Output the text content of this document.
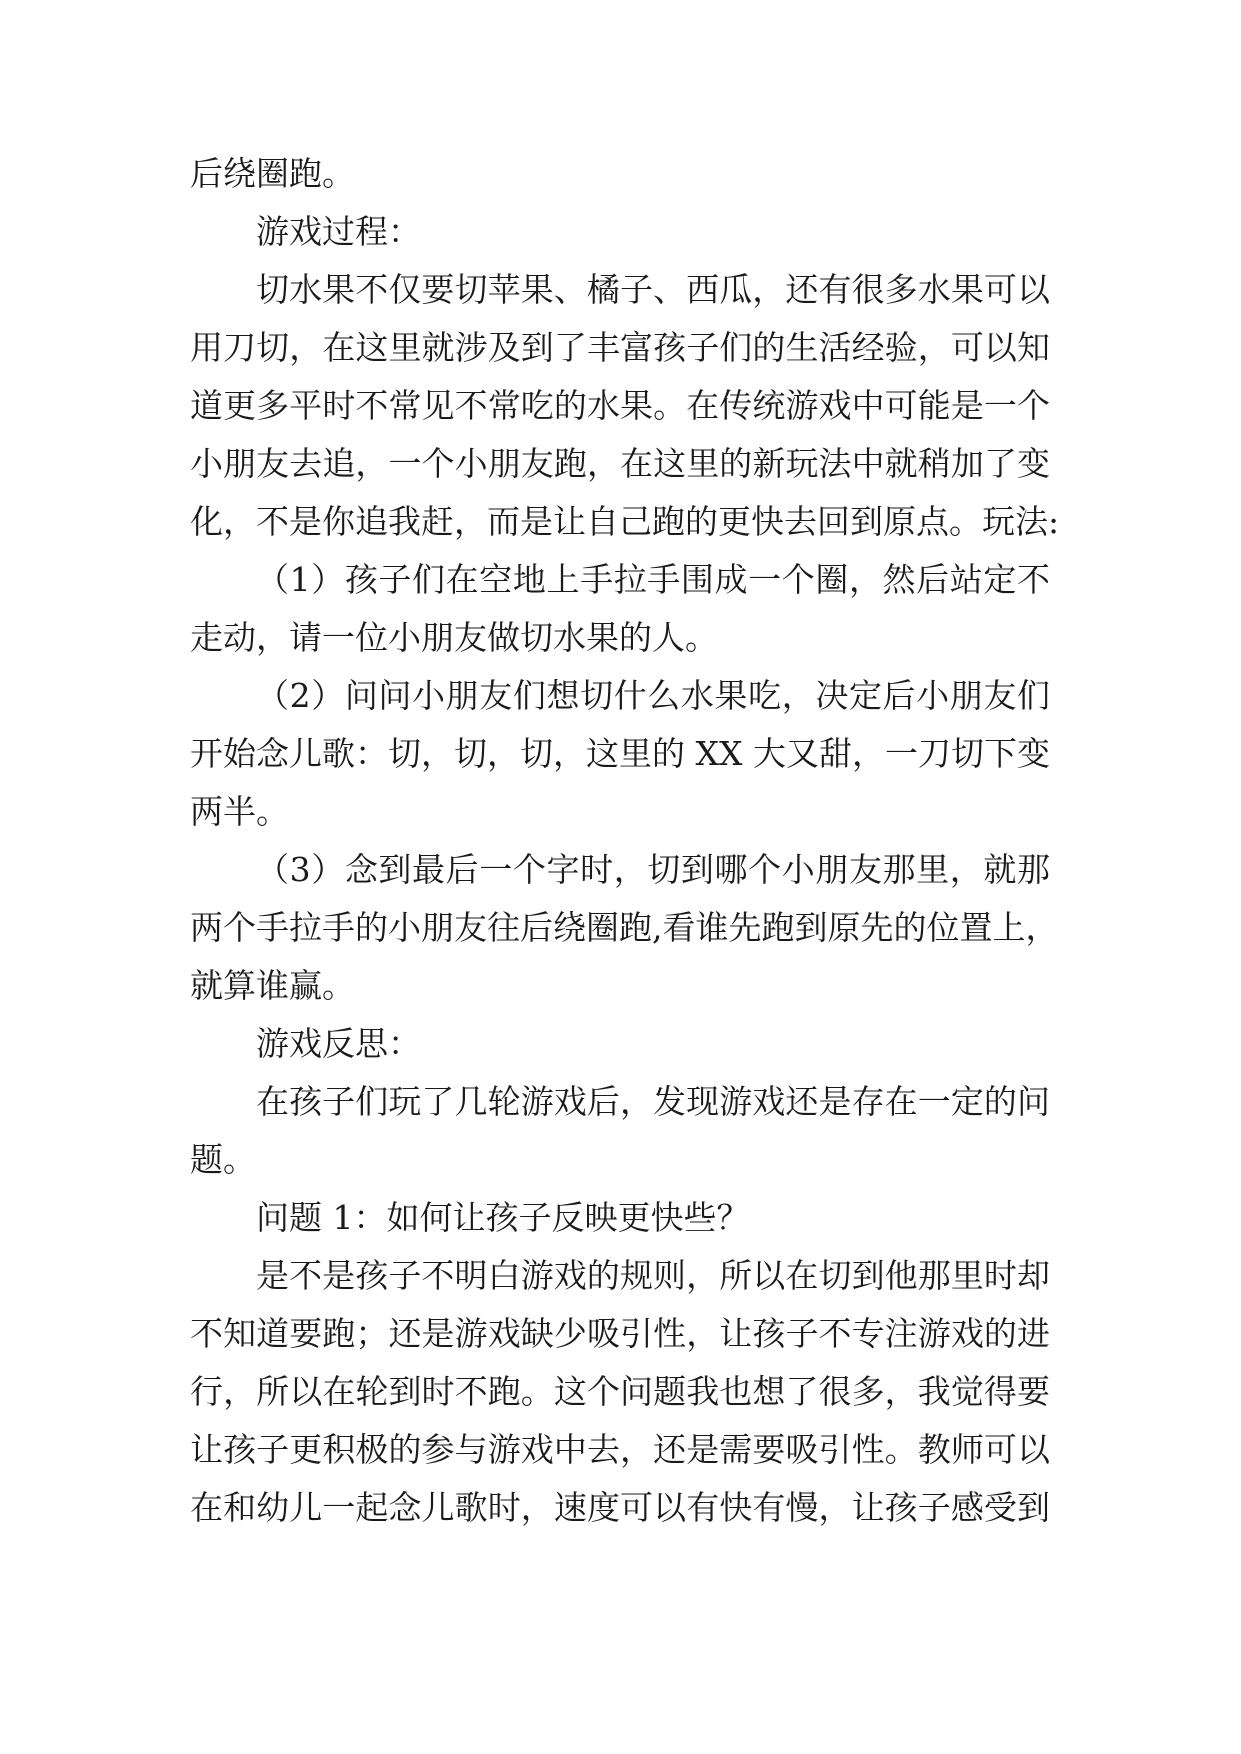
后绕圈跑。
游戏过程：
切水果不仅要切苹果、橘子、西瓜，还有很多水果可以
用刀切，在这里就涉及到了丰富孩子们的生活经验，可以知
道更多平时不常见不常吃的水果。在传统游戏中可能是一个
小朋友去追，一个小朋友跑，在这里的新玩法中就稍加了变
化，不是你追我赶，而是让自己跑的更快去回到原点。玩法:
（1）孩子们在空地上手拉手围成一个圈，然后站定不
走动，请一位小朋友做切水果的人。
（2）问问小朋友们想切什么水果吃，决定后小朋友们
开始念儿歌：切，切，切，这里的 XX 大又甜，一刀切下变
两半。
（3）念到最后一个字时，切到哪个小朋友那里，就那
两个手拉手的小朋友往后绕圈跑,看谁先跑到原先的位置上，
就算谁赢。
游戏反思：
在孩子们玩了几轮游戏后，发现游戏还是存在一定的问
题。
问题 1：如何让孩子反映更快些？
是不是孩子不明白游戏的规则，所以在切到他那里时却
不知道要跑；还是游戏缺少吸引性，让孩子不专注游戏的进
行，所以在轮到时不跑。这个问题我也想了很多，我觉得要
让孩子更积极的参与游戏中去，还是需要吸引性。教师可以
在和幼儿一起念儿歌时，速度可以有快有慢，让孩子感受到
